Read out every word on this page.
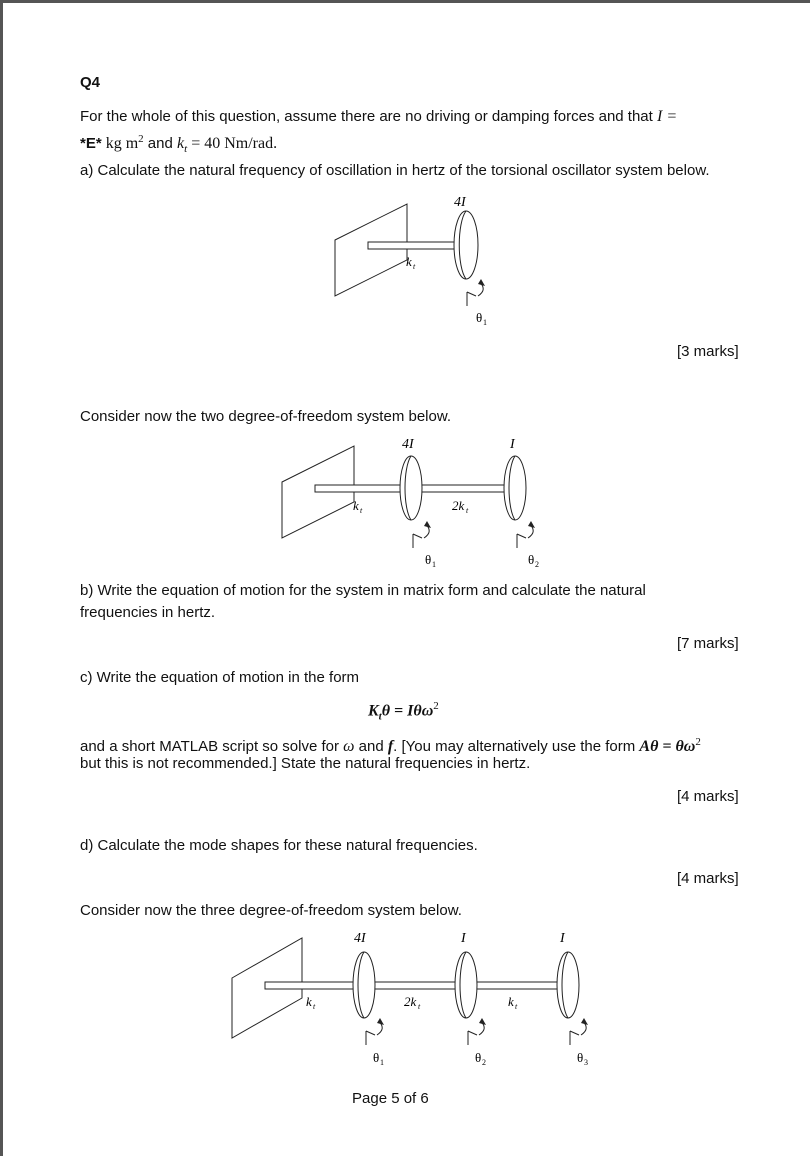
Q4
For the whole of this question, assume there are no driving or damping forces and that I =
*E* kg $m^2$ and $k_t = 40$ Nm/rad.
a) Calculate the natural frequency of oscillation in hertz of the torsional oscillator system below.
4I
k t
θ 1
[3 marks]
Consider now the two degree-of-freedom system below.
4I	I
k t	2k t
θ 1	θ 2
b) Write the equation of motion for the system in matrix form and calculate the natural
frequencies in hertz.
[7 marks]
c) Write the equation of motion in the form
$K_t\theta = I\theta\omega^2$
and a short MATLAB script so solve for ω and f. [You may alternatively use the form $A\theta = \theta\omega^2$
but this is not recommended.] State the natural frequencies in hertz.
[4 marks]
d) Calculate the mode shapes for these natural frequencies.
[4 marks]
Consider now the three degree-of-freedom system below.
4I	I	I
k t	2k t	k t
θ 1	θ 2	θ 3
Page 5 of 6
